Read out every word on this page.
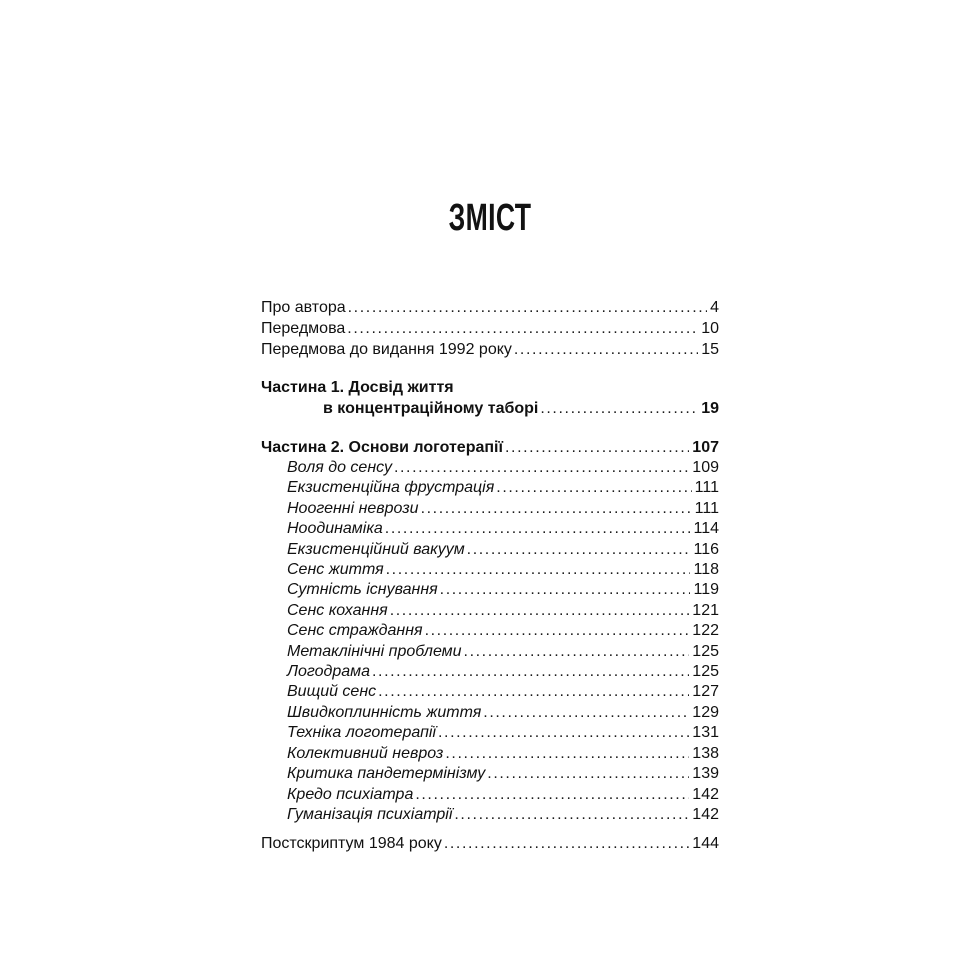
ЗМІСТ
Про автора .....	4
Передмова .....	10
Передмова до видання 1992 року .....	15
Частина 1. Досвід життя
в концентраційному таборі .....	19
Частина 2. Основи логотерапії .....	107
Воля до сенсу .....	109
Екзистенційна фрустрація .....	111
Ноогенні неврози .....	111
Ноодинаміка .....	114
Екзистенційний вакуум .....	116
Сенс життя .....	118
Сутність існування .....	119
Сенс кохання .....	121
Сенс страждання .....	122
Метаклінічні проблеми .....	125
Логодрама .....	125
Вищий сенс .....	127
Швидкоплинність життя .....	129
Техніка логотерапії .....	131
Колективний невроз .....	138
Критика пандетермінізму .....	139
Кредо психіатра .....	142
Гуманізація психіатрії .....	142
Постскриптум 1984 року .....	144
